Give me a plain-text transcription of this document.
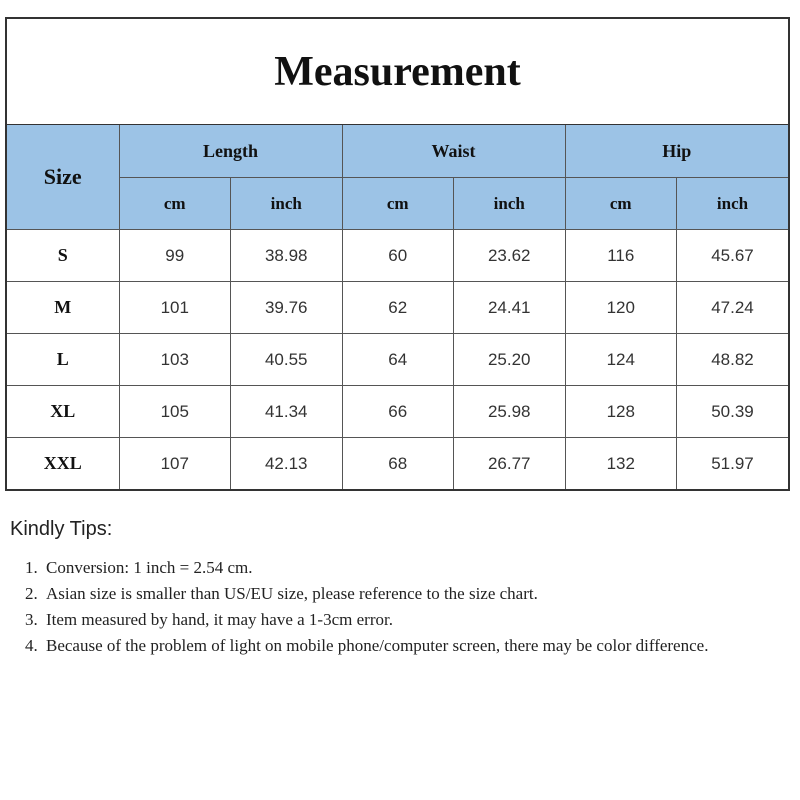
Measurement
Size	Length		Waist		Hip	
	cm	inch	cm	inch	cm	inch
S	99	38.98	60	23.62	116	45.67
M	101	39.76	62	24.41	120	47.24
L	103	40.55	64	25.20	124	48.82
XL	105	41.34	66	25.98	128	50.39
XXL	107	42.13	68	26.77	132	51.97

Kindly Tips:

1. Conversion: 1 inch = 2.54 cm.
2. Asian size is smaller than US/EU size, please reference to the size chart.
3. Item measured by hand, it may have a 1-3cm error.
4. Because of the problem of light on mobile phone/computer screen, there may be color difference.
